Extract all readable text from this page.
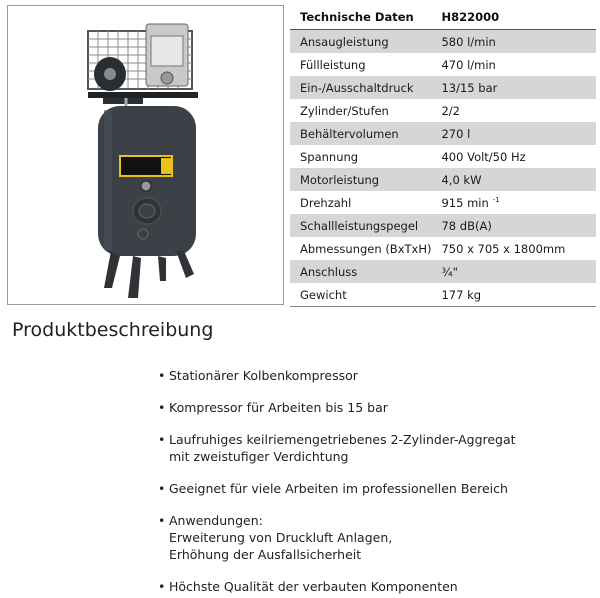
Technische Daten	H822000
Ansaugleistung	580 l/min
Füllleistung	470 l/min
Ein-/Ausschaltdruck	13/15 bar
Zylinder/Stufen	2/2
Behältervolumen	270 l
Spannung	400 Volt/50 Hz
Motorleistung	4,0 kW
Drehzahl	915 min $^{-1}$
Schallleistungspegel	78 dB(A)
Abmessungen (BxTxH)	750 x 705 x 1800mm
Anschluss	¾"
Gewicht	177 kg
Produktbeschreibung
• Stationärer Kolbenkompressor
• Kompressor für Arbeiten bis 15 bar
• Laufruhiges keilriemengetriebenes 2-Zylinder-Aggregat
mit zweistufiger Verdichtung
• Geeignet für viele Arbeiten im professionellen Bereich
• Anwendungen:
Erweiterung von Druckluft Anlagen,
Erhöhung der Ausfallsicherheit
• Höchste Qualität der verbauten Komponenten
